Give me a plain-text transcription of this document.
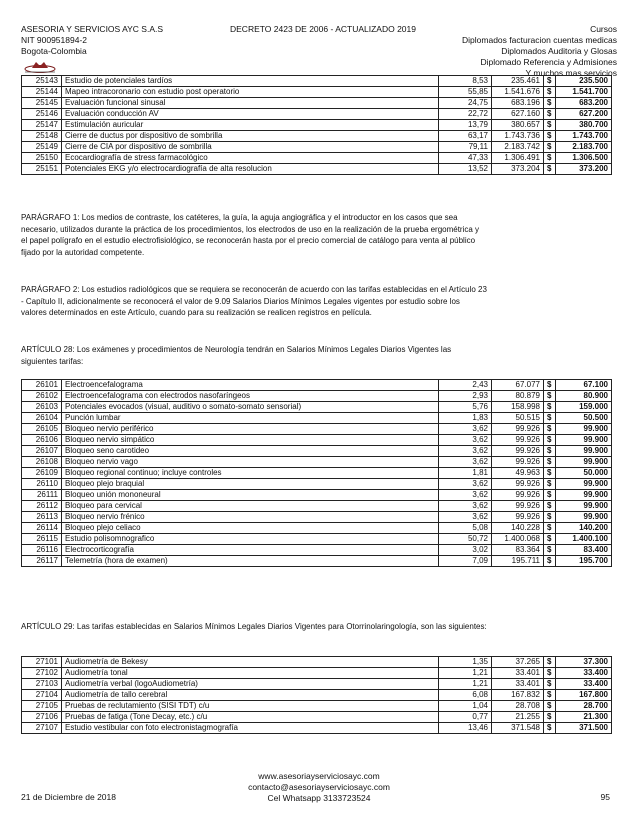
ASESORIA Y SERVICIOS AYC S.A.S
NIT 900951894-2
Bogota-Colombia
DECRETO 2423 DE 2006 - ACTUALIZADO 2019	Cursos
Diplomados facturacion cuentas medicas
Diplomados Auditoria y Glosas
Diplomado Referencia y Admisiones
Y muchos mas servicios
25143	Estudio de potenciales tardíos	8,53	235.461	$	235.500
25144	Mapeo intracoronario con estudio post operatorio	55,85	1.541.676	$	1.541.700
25145	Evaluación funcional sinusal	24,75	683.196	$	683.200
25146	Evaluación conducción AV	22,72	627.160	$	627.200
25147	Estimulación auricular	13,79	380.657	$	380.700
25148	Cierre de ductus por dispositivo de sombrilla	63,17	1.743.736	$	1.743.700
25149	Cierre de CIA por dispositivo de sombrilla	79,11	2.183.742	$	2.183.700
25150	Ecocardiografía de stress farmacológico	47,33	1.306.491	$	1.306.500
25151	Potenciales EKG y/o electrocardiografía de alta resolucion	13,52	373.204	$	373.200
PARÁGRAFO 1: Los medios de contraste, los catéteres, la guía, la aguja angiográfica y el introductor en los casos que sea necesario, utilizados durante la práctica de los procedimientos, los electrodos de uso en la realización de la prueba ergométrica y el papel polígrafo en el estudio electrofisiológico, se reconocerán hasta por el precio comercial de catálogo para venta al público fijado por la autoridad competente.
PARÁGRAFO 2: Los estudios radiológicos que se requiera se reconocerán de acuerdo con las tarifas establecidas en el Artículo 23 - Capítulo II, adicionalmente se reconocerá el valor de 9.09 Salarios Diarios Mínimos Legales vigentes por estudio sobre los valores determinados en este Artículo, cuando para su realización se realicen registros en película.
ARTÍCULO 28: Los exámenes y procedimientos de Neurología tendrán en Salarios Mínimos Legales Diarios Vigentes las siguientes tarifas:
26101	Electroencefalograma	2,43	67.077	$	67.100
26102	Electroencefalograma con electrodos nasofaríngeos	2,93	80.879	$	80.900
26103	Potenciales evocados (visual, auditivo o somato-somato sensorial)	5,76	158.998	$	159.000
26104	Punción lumbar	1,83	50.515	$	50.500
26105	Bloqueo nervio periférico	3,62	99.926	$	99.900
26106	Bloqueo nervio simpático	3,62	99.926	$	99.900
26107	Bloqueo seno carotideo	3,62	99.926	$	99.900
26108	Bloqueo nervio vago	3,62	99.926	$	99.900
26109	Bloqueo regional continuo; incluye controles	1,81	49.963	$	50.000
26110	Bloqueo plejo braquial	3,62	99.926	$	99.900
26111	Bloqueo unión mononeural	3,62	99.926	$	99.900
26112	Bloqueo para cervical	3,62	99.926	$	99.900
26113	Bloqueo nervio frénico	3,62	99.926	$	99.900
26114	Bloqueo plejo celiaco	5,08	140.228	$	140.200
26115	Estudio polisomnografico	50,72	1.400.068	$	1.400.100
26116	Electrocorticografía	3,02	83.364	$	83.400
26117	Telemetría (hora de examen)	7,09	195.711	$	195.700
ARTÍCULO 29: Las tarifas establecidas en Salarios Mínimos Legales Diarios Vigentes para Otorrinolaringología, son las siguientes:
27101	Audiometría de Bekesy	1,35	37.265	$	37.300
27102	Audiometría tonal	1,21	33.401	$	33.400
27103	Audiometría verbal (logoAudiometría)	1,21	33.401	$	33.400
27104	Audiometría de tallo cerebral	6,08	167.832	$	167.800
27105	Pruebas de reclutamiento (SISI TDT) c/u	1,04	28.708	$	28.700
27106	Pruebas de fatiga (Tone Decay, etc.) c/u	0,77	21.255	$	21.300
27107	Estudio vestibular con foto electronistagmografía	13,46	371.548	$	371.500
www.asesoriayserviciosayc.com
contacto@asesoriayserviciosayc.com
Cel Whatsapp 3133723524
21 de Diciembre de 2018	95
